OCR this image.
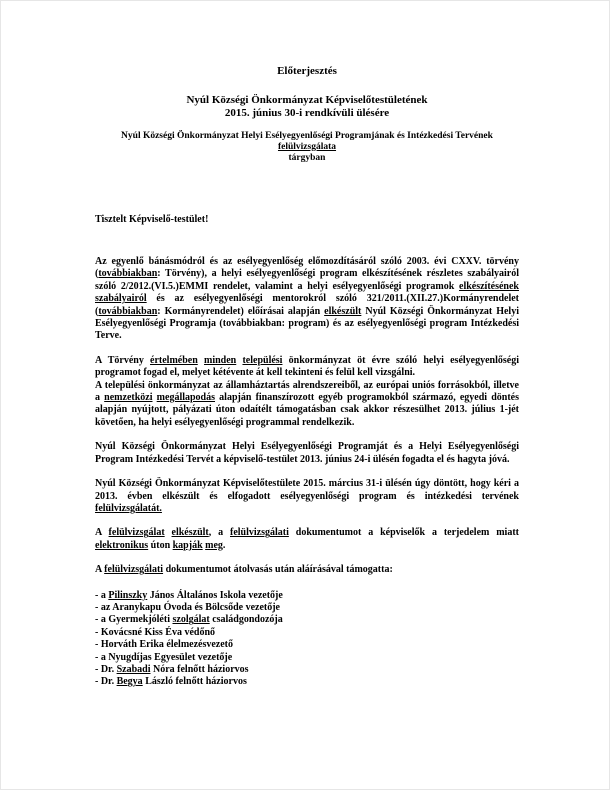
Előterjesztés

Nyúl Községi Önkormányzat Képviselőtestületének
2015. június 30-i rendkívüli ülésére

Nyúl Községi Önkormányzat Helyi Esélyegyenlőségi Programjának és Intézkedési Tervének felülvizsgálata

tárgyban

Tisztelt Képviselő-testület!

Az egyenlő bánásmódról és az esélyegyenlőség előmozdításáról szóló 2003. évi CXXV. törvény (továbbiakban: Törvény), a helyi esélyegyenlőségi program elkészítésének részletes szabályairól szóló 2/2012.(VI.5.)EMMI rendelet, valamint a helyi esélyegyenlőségi programok elkészítésének szabályairól és az esélyegyenlőségi mentorokról szóló 321/2011.(XII.27.)Kormányrendelet (továbbiakban: Kormányrendelet) előírásai alapján elkészült Nyúl Községi Önkormányzat Helyi Esélyegyenlőségi Programja (továbbiakban: program) és az esélyegyenlőségi program Intézkedési Terve.
A Törvény értelmében minden települési önkormányzat öt évre szóló helyi esélyegyenlőségi programot fogad el, melyet kétévente át kell tekinteni és felül kell vizsgálni.
A települési önkormányzat az államháztartás alrendszereiből, az európai uniós forrásokból, illetve a nemzetközi megállapodás alapján finanszírozott egyéb programokból származó, egyedi döntés alapján nyújtott, pályázati úton odaítélt támogatásban csak akkor részesülhet 2013. július 1-jét követően, ha helyi esélyegyenlőségi programmal rendelkezik.
Nyúl Községi Önkormányzat Helyi Esélyegyenlőségi Programját és a Helyi Esélyegyenlőségi Program Intézkedési Tervét a képviselő-testület 2013. június 24-i ülésén fogadta el és hagyta jóvá.
Nyúl Községi Önkormányzat Képviselőtestülete 2015. március 31-i ülésén úgy döntött, hogy kéri a 2013. évben elkészült és elfogadott esélyegyenlőségi program és intézkedési tervének felülvizsgálatát.
A felülvizsgálat elkészült, a felülvizsgálati dokumentumot a képviselők a terjedelem miatt elektronikus úton kapják meg.
A felülvizsgálati dokumentumot átolvasás után aláírásával támogatta:
- a Pilinszky János Általános Iskola vezetője
- az Aranykapu Óvoda és Bölcsőde vezetője
- a Gyermekjóléti szolgálat családgondozója
- Kovácsné Kiss Éva védőnő
- Horváth Erika élelmezésvezető
- a Nyugdíjas Egyesület vezetője
- Dr. Szabadi Nóra felnőtt háziorvos
- Dr. Begya László felnőtt háziorvos
